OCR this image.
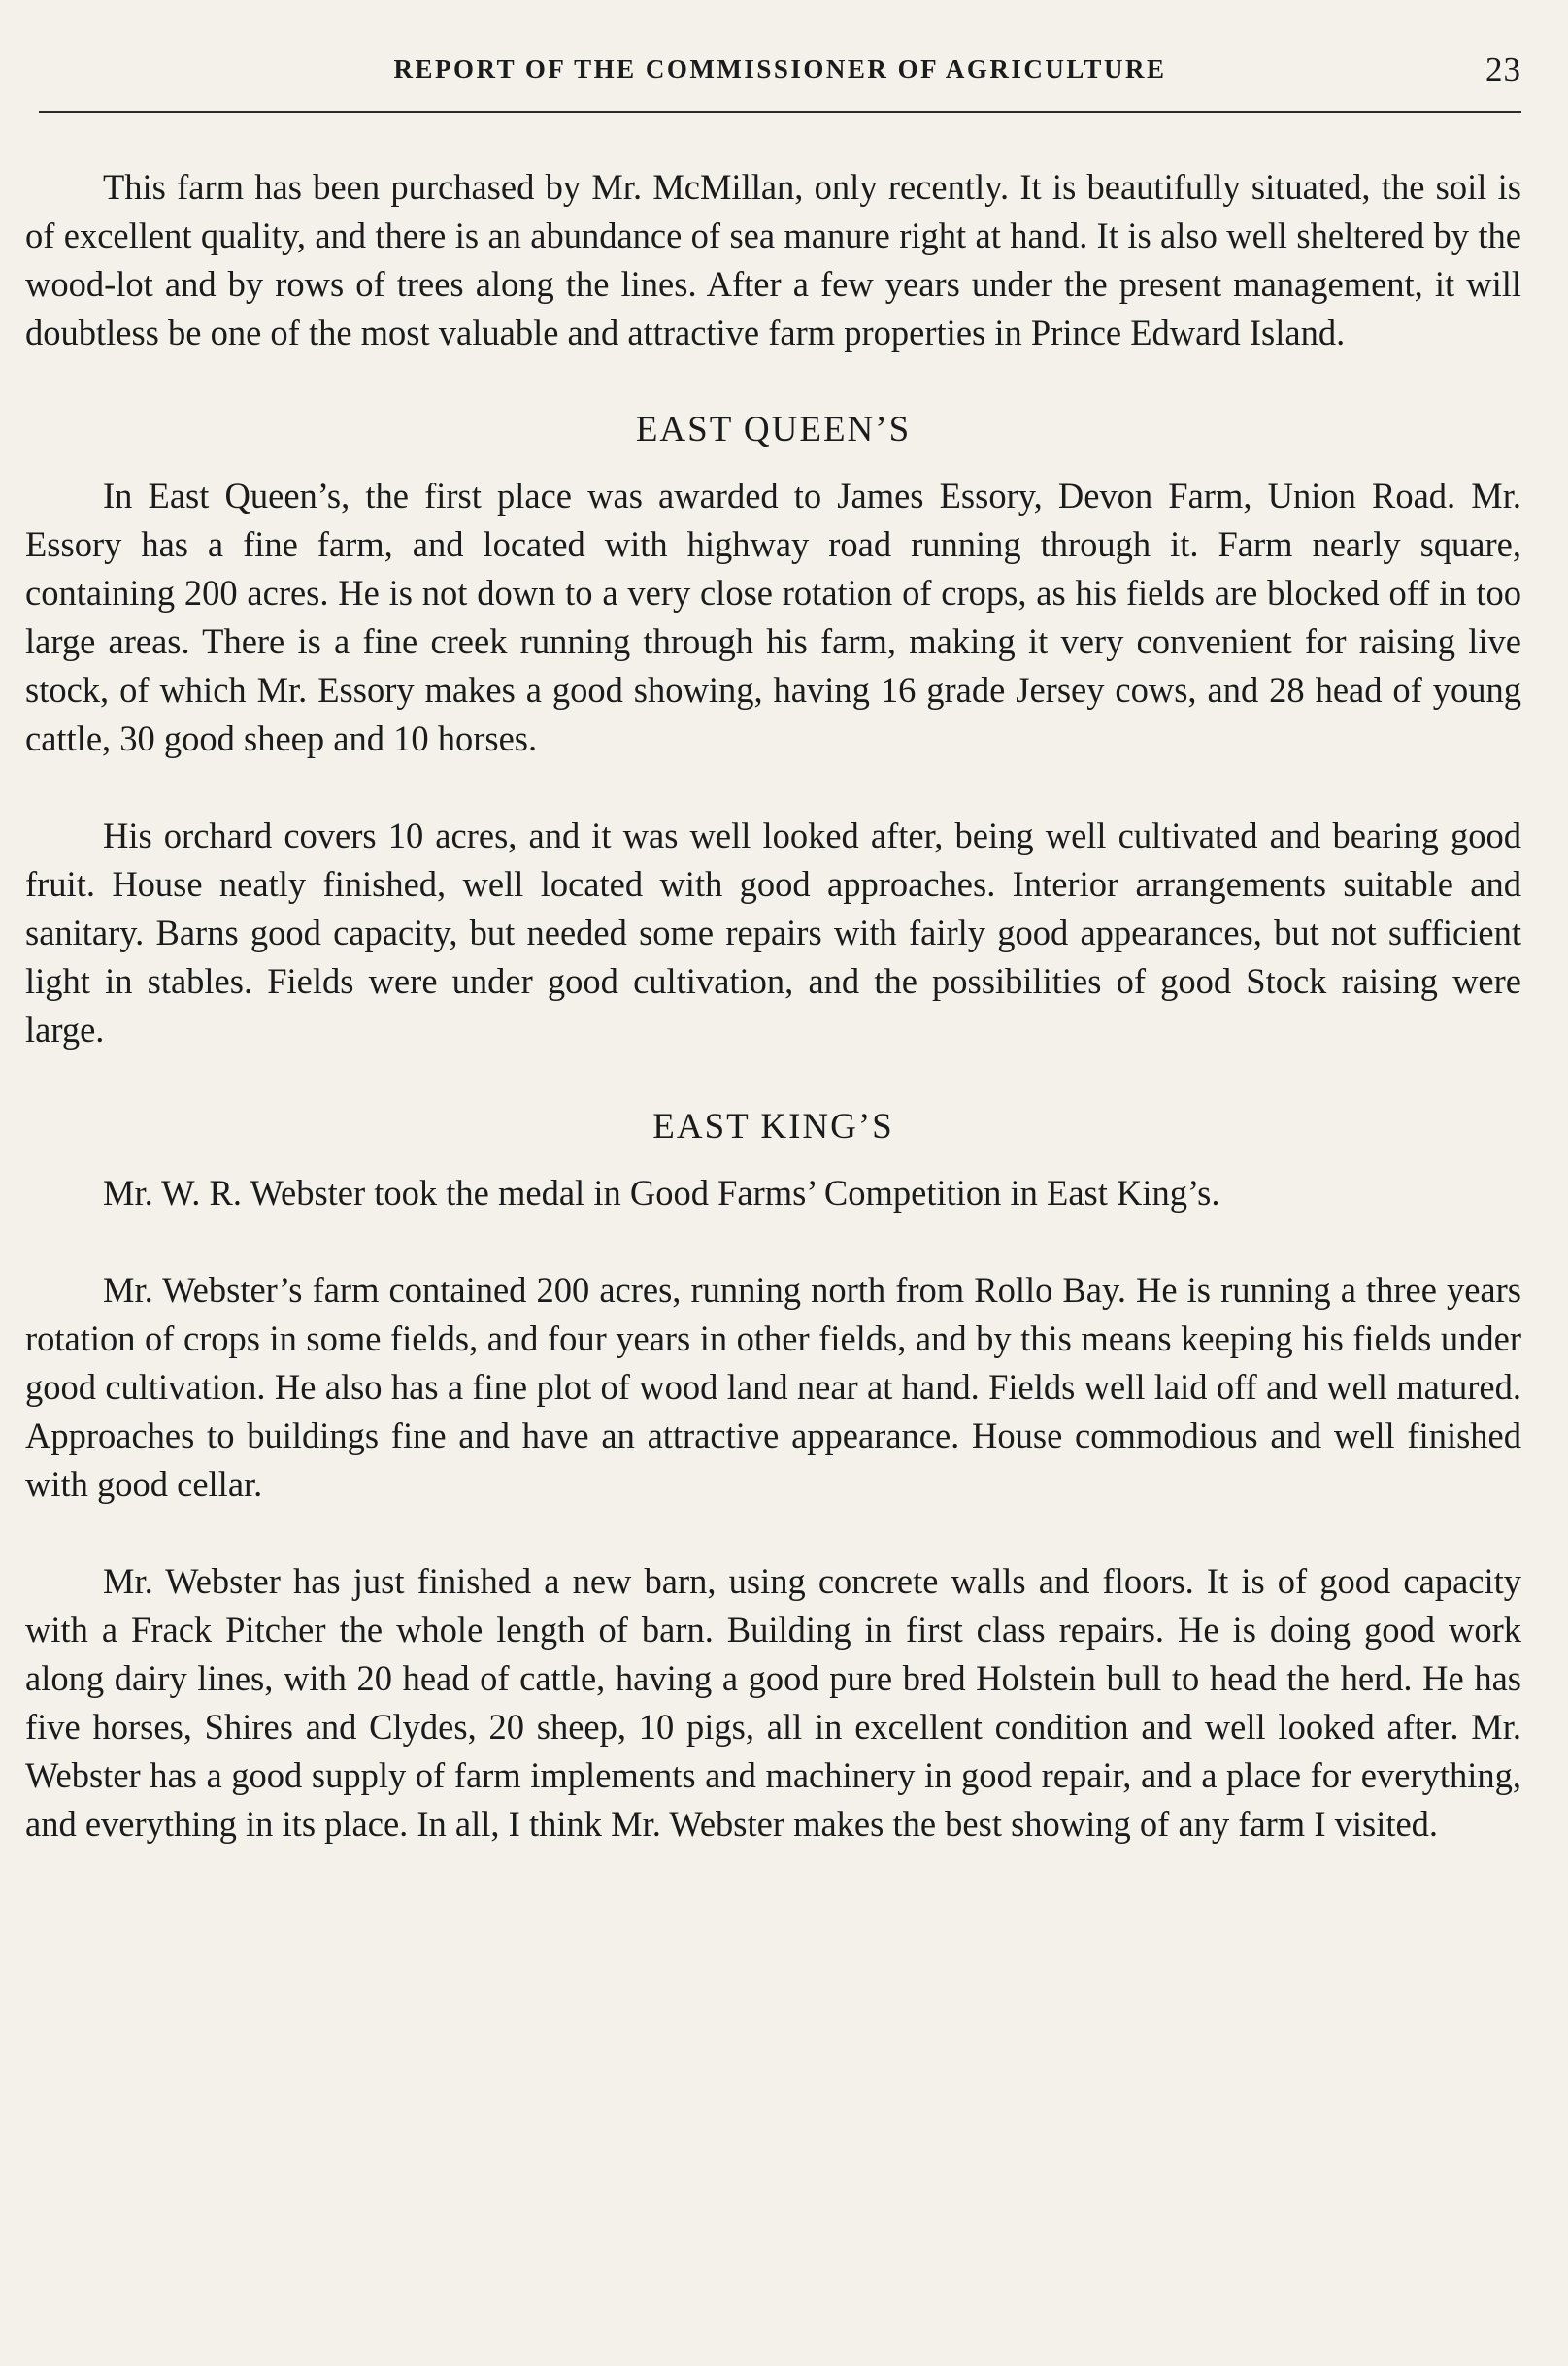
REPORT OF THE COMMISSIONER OF AGRICULTURE	23

This farm has been purchased by Mr. McMillan, only recently. It is beautifully situated, the soil is of excellent quality, and there is an abundance of sea manure right at hand. It is also well sheltered by the wood-lot and by rows of trees along the lines. After a few years under the present management, it will doubtless be one of the most valuable and attractive farm properties in Prince Edward Island.

EAST QUEEN’S

In East Queen’s, the first place was awarded to James Essory, Devon Farm, Union Road. Mr. Essory has a fine farm, and located with highway road running through it. Farm nearly square, containing 200 acres. He is not down to a very close rotation of crops, as his fields are blocked off in too large areas. There is a fine creek running through his farm, making it very convenient for raising live stock, of which Mr. Essory makes a good showing, having 16 grade Jersey cows, and 28 head of young cattle, 30 good sheep and 10 horses.

His orchard covers 10 acres, and it was well looked after, being well cultivated and bearing good fruit. House neatly finished, well located with good approaches. Interior arrangements suitable and sanitary. Barns good capacity, but needed some repairs with fairly good appearances, but not sufficient light in stables. Fields were under good cultivation, and the possibilities of good Stock raising were large.

EAST KING’S

Mr. W. R. Webster took the medal in Good Farms’ Competition in East King’s.

Mr. Webster’s farm contained 200 acres, running north from Rollo Bay. He is running a three years rotation of crops in some fields, and four years in other fields, and by this means keeping his fields under good cultivation. He also has a fine plot of wood land near at hand. Fields well laid off and well matured. Approaches to buildings fine and have an attractive appearance. House commodious and well finished with good cellar.

Mr. Webster has just finished a new barn, using concrete walls and floors. It is of good capacity with a Frack Pitcher the whole length of barn. Building in first class repairs. He is doing good work along dairy lines, with 20 head of cattle, having a good pure bred Holstein bull to head the herd. He has five horses, Shires and Clydes, 20 sheep, 10 pigs, all in excellent condition and well looked after. Mr. Webster has a good supply of farm implements and machinery in good repair, and a place for everything, and everything in its place. In all, I think Mr. Webster makes the best showing of any farm I visited.
